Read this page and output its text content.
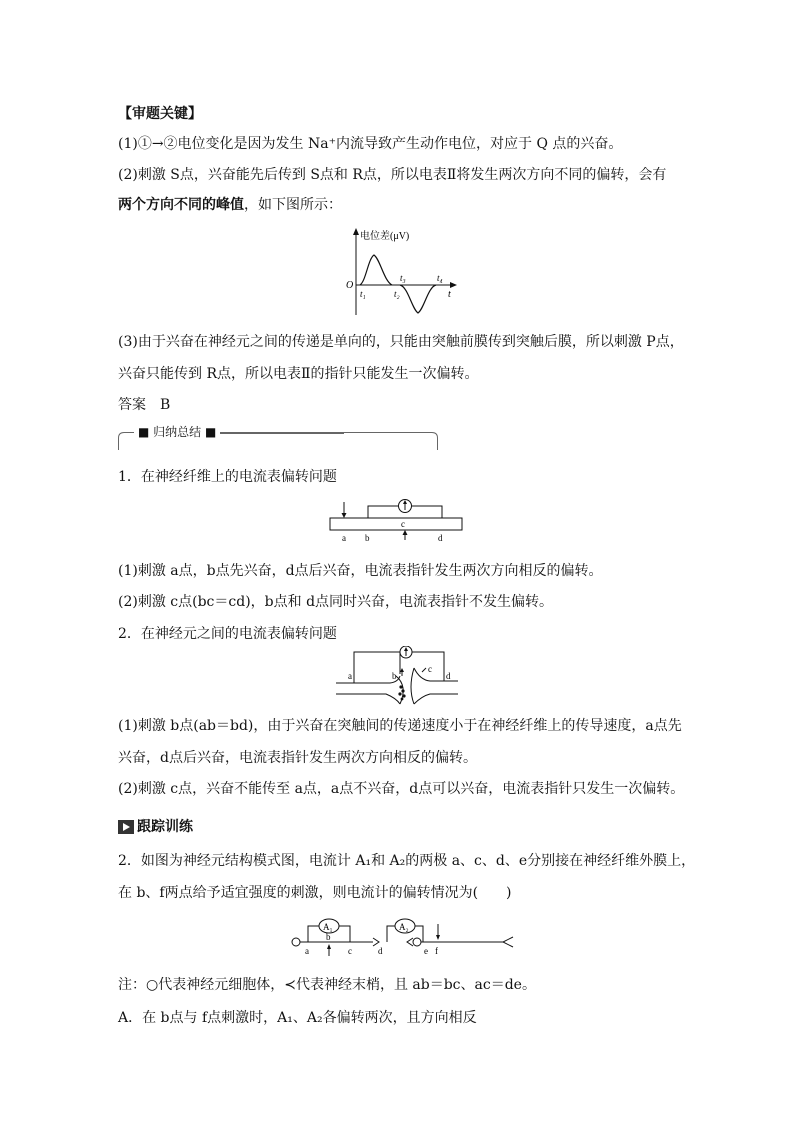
【审题关键】
(1)①→②电位变化是因为发生 Na⁺内流导致产生动作电位，对应于 Q 点的兴奋。
(2)刺激 S点，兴奋能先后传到 S点和 R点，所以电表Ⅱ将发生两次方向不同的偏转，会有
两个方向不同的峰值，如下图所示：
电位差(μV)
O
t
t₁	t₂
t₃	t₄
(3)由于兴奋在神经元之间的传递是单向的，只能由突触前膜传到突触后膜，所以刺激 P点，
兴奋只能传到 R点，所以电表Ⅱ的指针只能发生一次偏转。
答案　B
■ 归纳总结 ■
1．在神经纤维上的电流表偏转问题
c
a b	d
(1)刺激 a点，b点先兴奋，d点后兴奋，电流表指针发生两次方向相反的偏转。
(2)刺激 c点(bc＝cd)，b点和 d点同时兴奋，电流表指针不发生偏转。
2．在神经元之间的电流表偏转问题
a	b
c
d
(1)刺激 b点(ab＝bd)，由于兴奋在突触间的传递速度小于在神经纤维上的传导速度，a点先
兴奋，d点后兴奋，电流表指针发生两次方向相反的偏转。
(2)刺激 c点，兴奋不能传至 a点，a点不兴奋，d点可以兴奋，电流表指针只发生一次偏转。
跟踪训练
2．如图为神经元结构模式图，电流计 A₁和 A₂的两极 a、c、d、e分别接在神经纤维外膜上，
在 b、f两点给予适宜强度的刺激，则电流计的偏转情况为(　　)
A₁	A₂
a
b
c	d	e f
注：○代表神经元细胞体，≺代表神经末梢，且 ab＝bc、ac＝de。
A．在 b点与 f点刺激时，A₁、A₂各偏转两次，且方向相反
